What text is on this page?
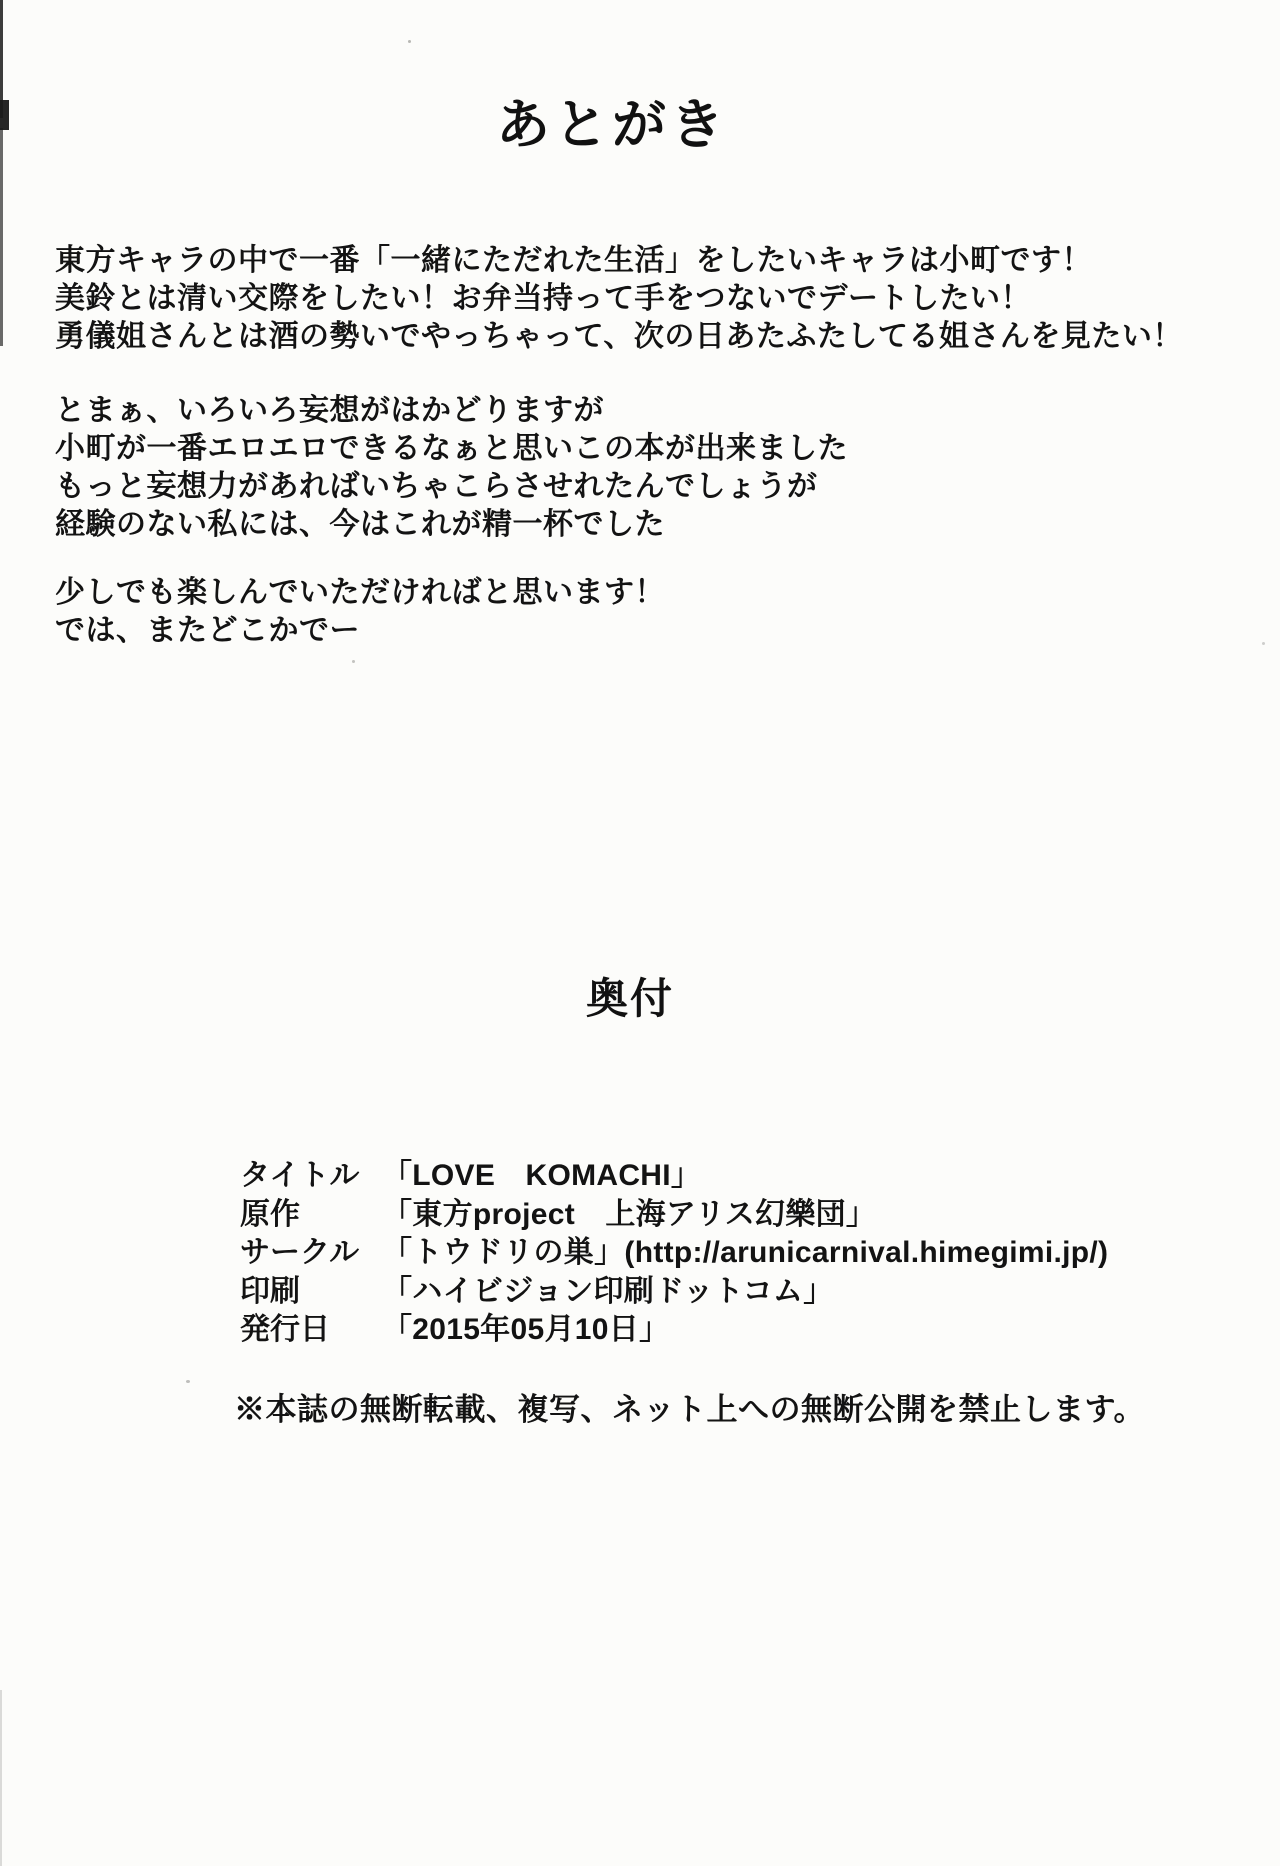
あとがき
東方キャラの中で一番「一緒にただれた生活」をしたいキャラは小町です！
美鈴とは清い交際をしたい！お弁当持って手をつないでデートしたい！
勇儀姐さんとは酒の勢いでやっちゃって、次の日あたふたしてる姐さんを見たい！
とまぁ、いろいろ妄想がはかどりますが
小町が一番エロエロできるなぁと思いこの本が出来ました
もっと妄想力があればいちゃこらさせれたんでしょうが
経験のない私には、今はこれが精一杯でした
少しでも楽しんでいただければと思います！
では、またどこかでー
奥付
タイトル 「LOVE　KOMACHI」
原作	「東方project　上海アリス幻樂団」
サークル 「トウドリの巣」(http://arunicarnival.himegimi.jp/)
印刷	「ハイビジョン印刷ドットコム」
発行日	「2015年05月10日」
※本誌の無断転載、複写、ネット上への無断公開を禁止します。
